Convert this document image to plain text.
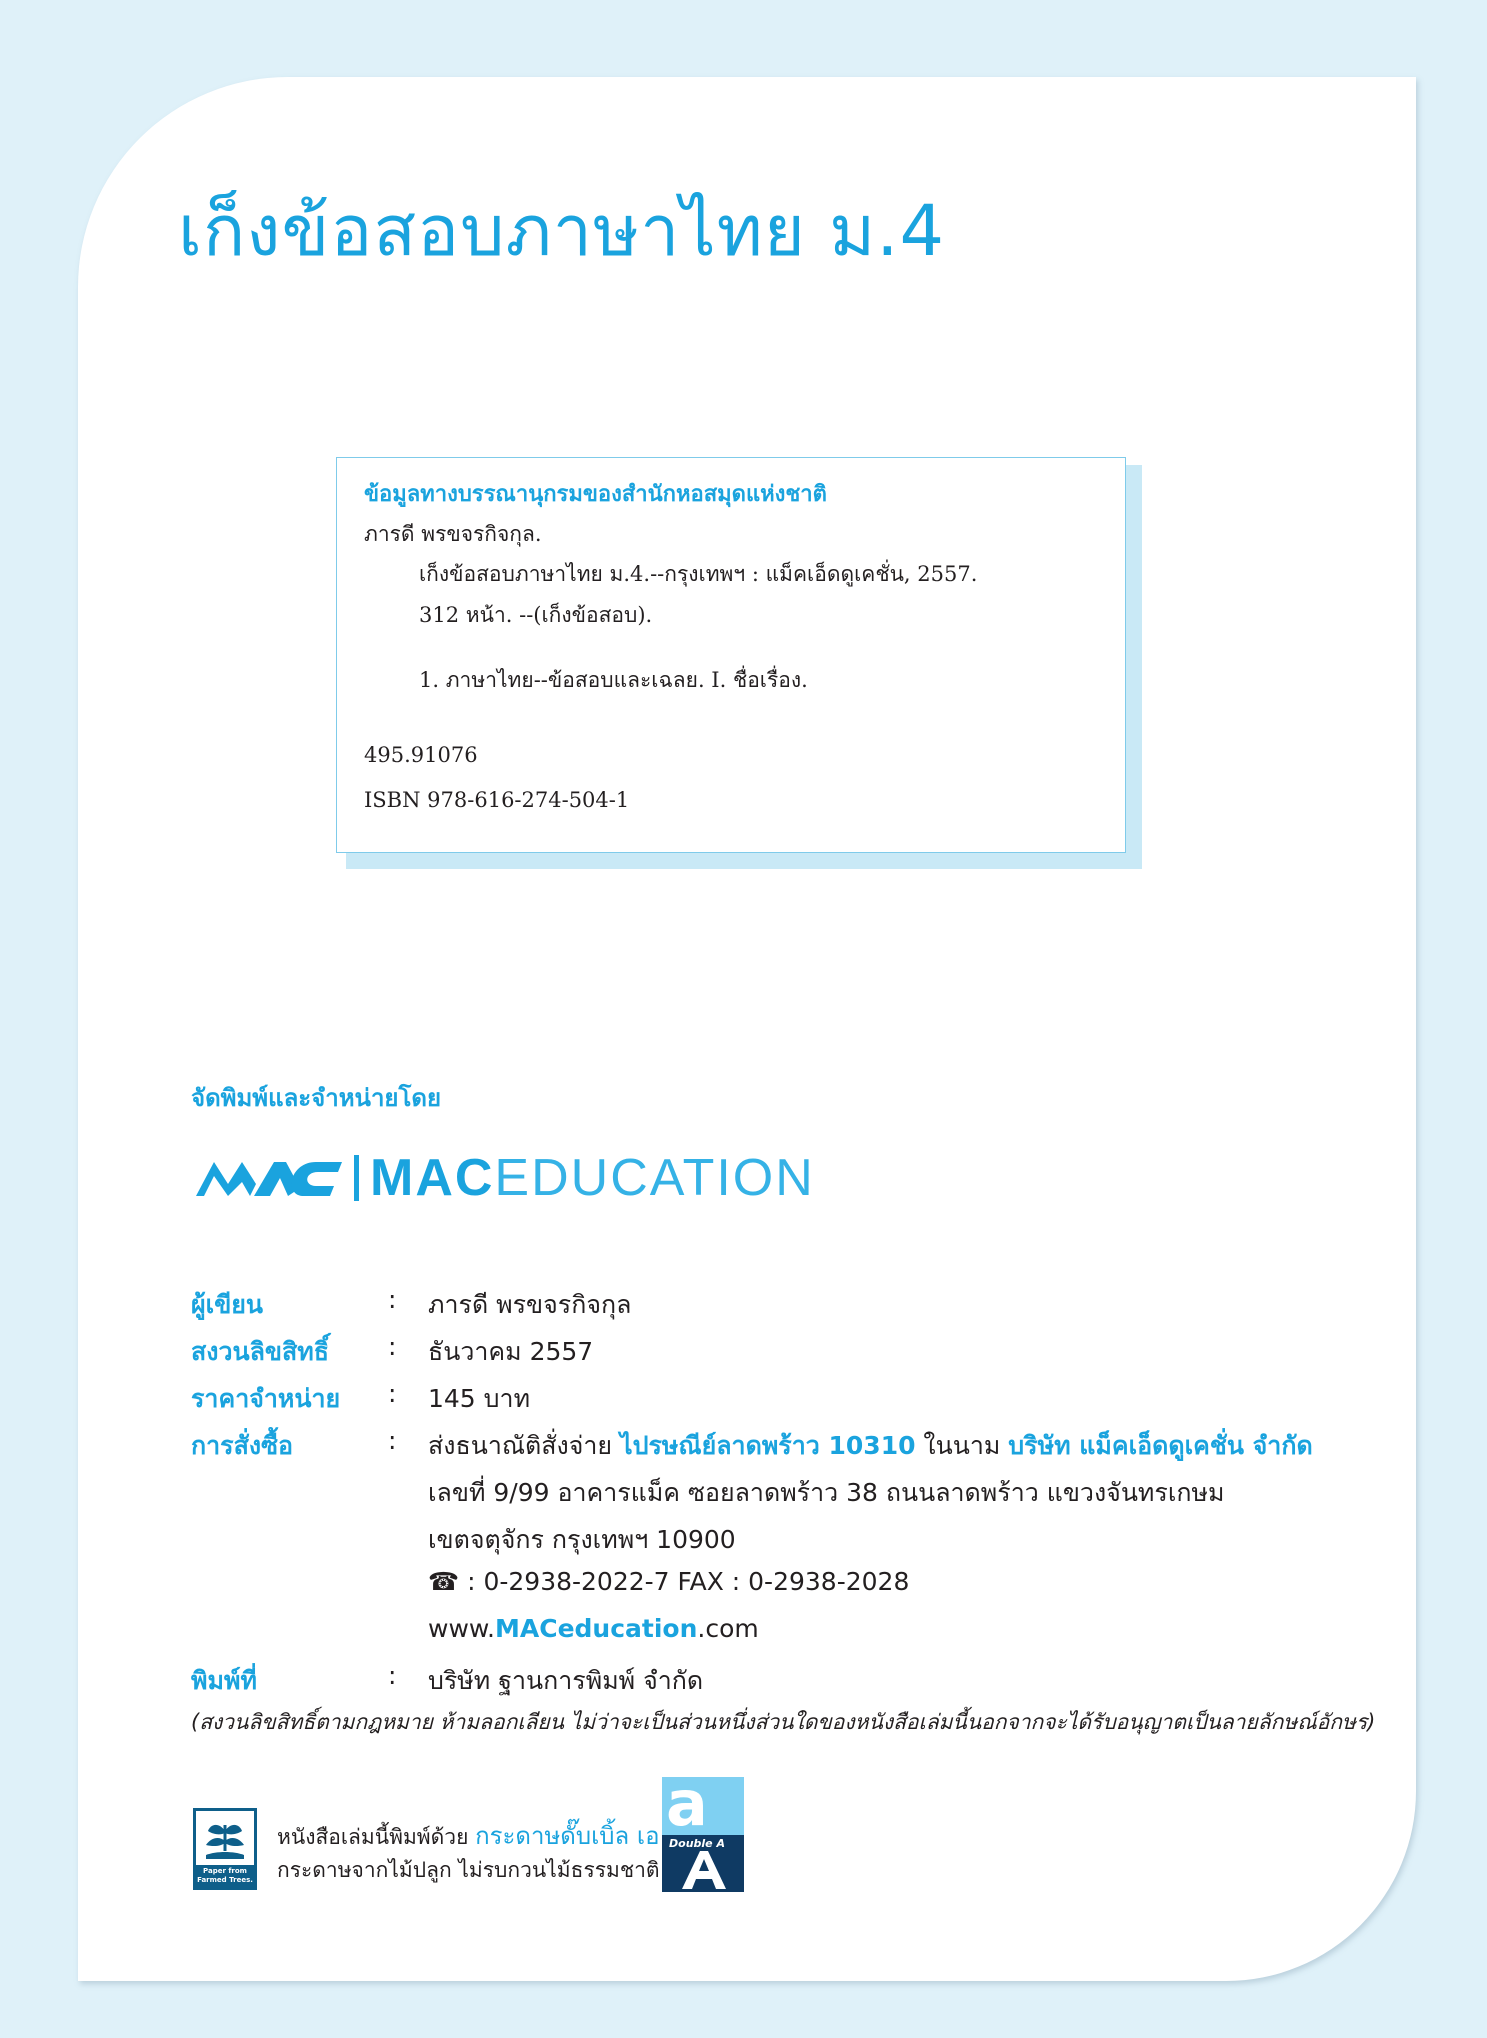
เก็งข้อสอบภาษาไทย ม.4
ข้อมูลทางบรรณานุกรมของสำนักหอสมุดแห่งชาติ
ภารดี พรขจรกิจกุล.
เก็งข้อสอบภาษาไทย ม.4.--กรุงเทพฯ : แม็คเอ็ดดูเคชั่น, 2557.
312 หน้า. --(เก็งข้อสอบ).
1. ภาษาไทย--ข้อสอบและเฉลย. I. ชื่อเรื่อง.
495.91076
ISBN 978-616-274-504-1
จัดพิมพ์และจำหน่ายโดย
MACEDUCATION
ผู้เขียน	: ภารดี พรขจรกิจกุล
สงวนลิขสิทธิ์ : ธันวาคม 2557
ราคาจำหน่าย : 145 บาท
การสั่งซื้อ	: ส่งธนาณัติสั่งจ่าย ไปรษณีย์ลาดพร้าว 10310 ในนาม บริษัท แม็คเอ็ดดูเคชั่น จำกัด
เลขที่ 9/99 อาคารแม็ค ซอยลาดพร้าว 38 ถนนลาดพร้าว แขวงจันทรเกษม
เขตจตุจักร กรุงเทพฯ 10900
☎ : 0-2938-2022-7 FAX : 0-2938-2028
www.MACeducation.com
พิมพ์ที่	: บริษัท ฐานการพิมพ์ จำกัด
(สงวนลิขสิทธิ์ตามกฎหมาย ห้ามลอกเลียน ไม่ว่าจะเป็นส่วนหนึ่งส่วนใดของหนังสือเล่มนี้นอกจากจะได้รับอนุญาตเป็นลายลักษณ์อักษร)
Paper from Farmed Trees.
หนังสือเล่มนี้พิมพ์ด้วย กระดาษดั๊บเบิ้ล เอ
กระดาษจากไม้ปลูก ไม่รบกวนไม้ธรรมชาติ
a
Double A
